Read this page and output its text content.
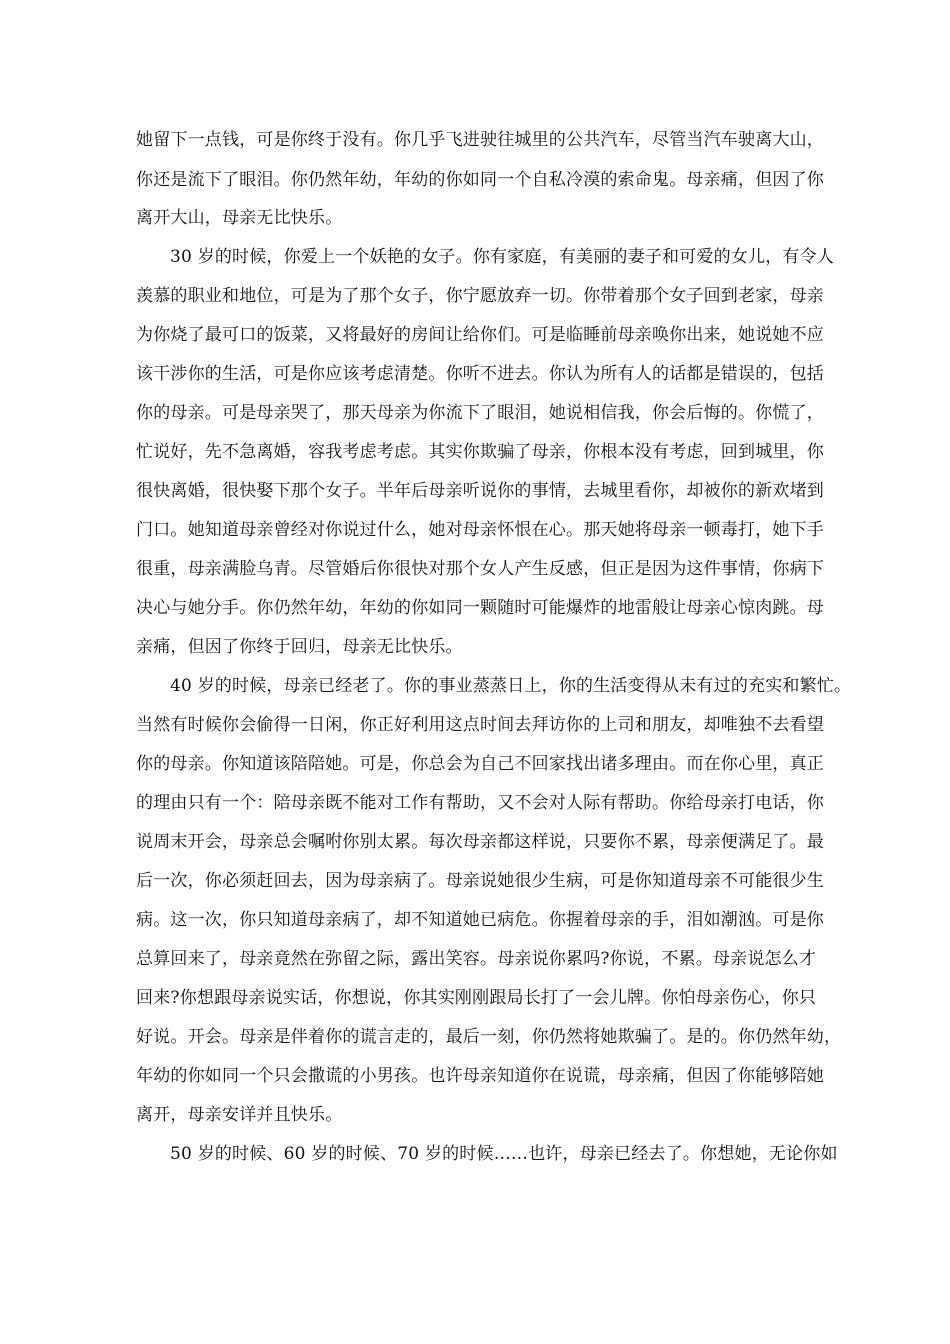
她留下一点钱，可是你终于没有。你几乎飞进驶往城里的公共汽车，尽管当汽车驶离大山，
你还是流下了眼泪。你仍然年幼，年幼的你如同一个自私冷漠的索命鬼。母亲痛，但因了你
离开大山，母亲无比快乐。
30 岁的时候，你爱上一个妖艳的女子。你有家庭，有美丽的妻子和可爱的女儿，有令人
羡慕的职业和地位，可是为了那个女子，你宁愿放弃一切。你带着那个女子回到老家，母亲
为你烧了最可口的饭菜，又将最好的房间让给你们。可是临睡前母亲唤你出来，她说她不应
该干涉你的生活，可是你应该考虑清楚。你听不进去。你认为所有人的话都是错误的，包括
你的母亲。可是母亲哭了，那天母亲为你流下了眼泪，她说相信我，你会后悔的。你慌了，
忙说好，先不急离婚，容我考虑考虑。其实你欺骗了母亲，你根本没有考虑，回到城里，你
很快离婚，很快娶下那个女子。半年后母亲听说你的事情，去城里看你，却被你的新欢堵到
门口。她知道母亲曾经对你说过什么，她对母亲怀恨在心。那天她将母亲一顿毒打，她下手
很重，母亲满脸乌青。尽管婚后你很快对那个女人产生反感，但正是因为这件事情，你病下
决心与她分手。你仍然年幼，年幼的你如同一颗随时可能爆炸的地雷般让母亲心惊肉跳。母
亲痛，但因了你终于回归，母亲无比快乐。
40 岁的时候，母亲已经老了。你的事业蒸蒸日上，你的生活变得从未有过的充实和繁忙。
当然有时候你会偷得一日闲，你正好利用这点时间去拜访你的上司和朋友，却唯独不去看望
你的母亲。你知道该陪陪她。可是，你总会为自己不回家找出诸多理由。而在你心里，真正
的理由只有一个：陪母亲既不能对工作有帮助，又不会对人际有帮助。你给母亲打电话，你
说周末开会，母亲总会嘱咐你别太累。每次母亲都这样说，只要你不累，母亲便满足了。最
后一次，你必须赶回去，因为母亲病了。母亲说她很少生病，可是你知道母亲不可能很少生
病。这一次，你只知道母亲病了，却不知道她已病危。你握着母亲的手，泪如潮汹。可是你
总算回来了，母亲竟然在弥留之际，露出笑容。母亲说你累吗?你说，不累。母亲说怎么才
回来?你想跟母亲说实话，你想说，你其实刚刚跟局长打了一会儿牌。你怕母亲伤心，你只
好说。开会。母亲是伴着你的谎言走的，最后一刻，你仍然将她欺骗了。是的。你仍然年幼，
年幼的你如同一个只会撒谎的小男孩。也许母亲知道你在说谎，母亲痛，但因了你能够陪她
离开，母亲安详并且快乐。
50 岁的时候、60 岁的时候、70 岁的时候……也许，母亲已经去了。你想她，无论你如
